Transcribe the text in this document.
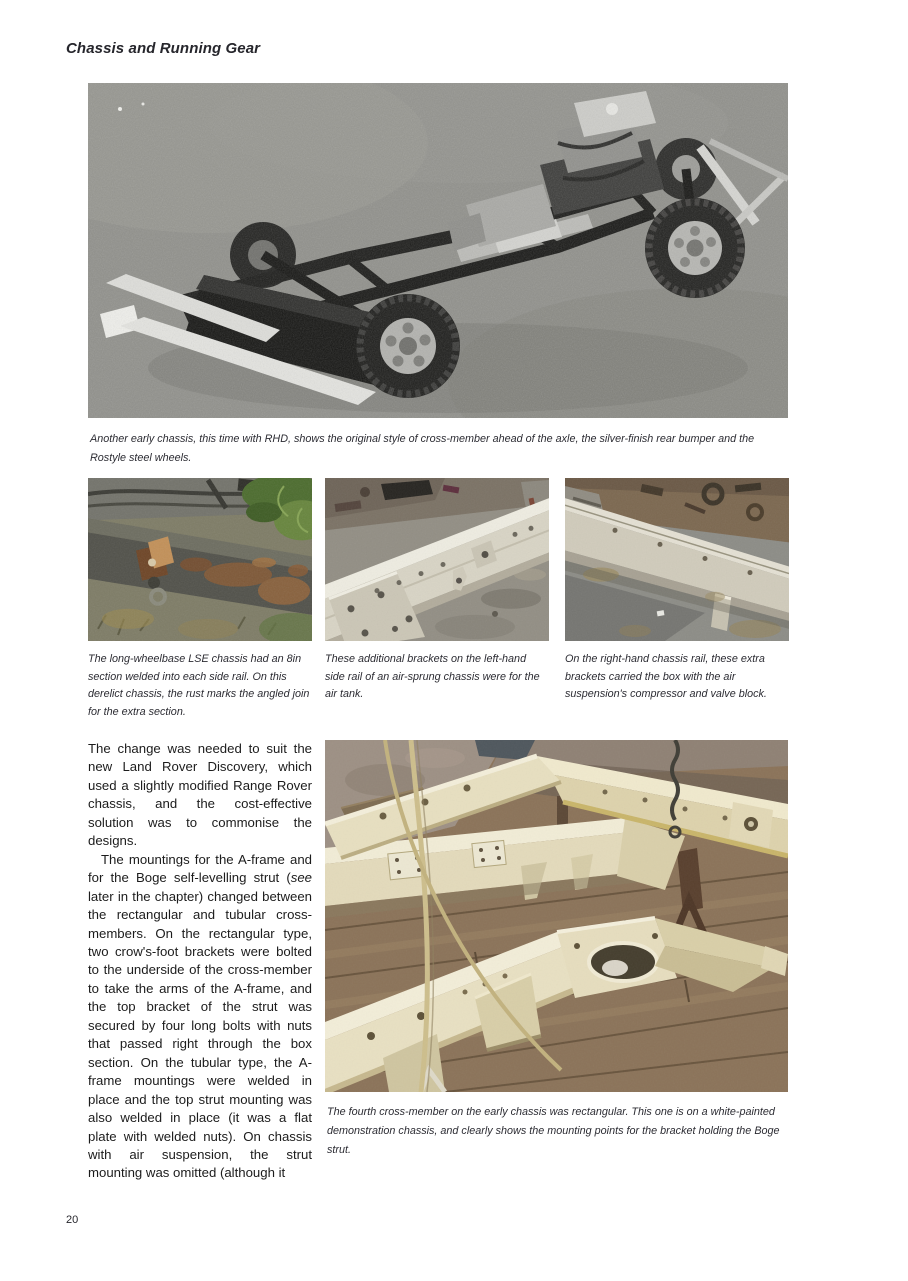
Chassis and Running Gear
Another early chassis, this time with RHD, shows the original style of cross-member ahead of the axle, the silver-finish rear bumper and the Rostyle steel wheels.
The long-wheelbase LSE chassis had an 8in section welded into each side rail. On this derelict chassis, the rust marks the angled join for the extra section.
These additional brackets on the left-hand side rail of an air-sprung chassis were for the air tank.
On the right-hand chassis rail, these extra brackets carried the box with the air suspension's compressor and valve block.

The change was needed to suit the new Land Rover Discovery, which used a slightly modified Range Rover chassis, and the cost-effective solution was to commonise the designs.

The mountings for the A-frame and for the Boge self-levelling strut (see later in the chapter) changed between the rectangular and tubular cross-members. On the rectangular type, two crow's-foot brackets were bolted to the underside of the cross-member to take the arms of the A-frame, and the top bracket of the strut was secured by four long bolts with nuts that passed right through the box section. On the tubular type, the A-frame mountings were welded in place and the top strut mounting was also welded in place (it was a flat plate with welded nuts). On chassis with air suspension, the strut mounting was omitted (although it

The fourth cross-member on the early chassis was rectangular. This one is on a white-painted demonstration chassis, and clearly shows the mounting points for the bracket holding the Boge strut.
20
